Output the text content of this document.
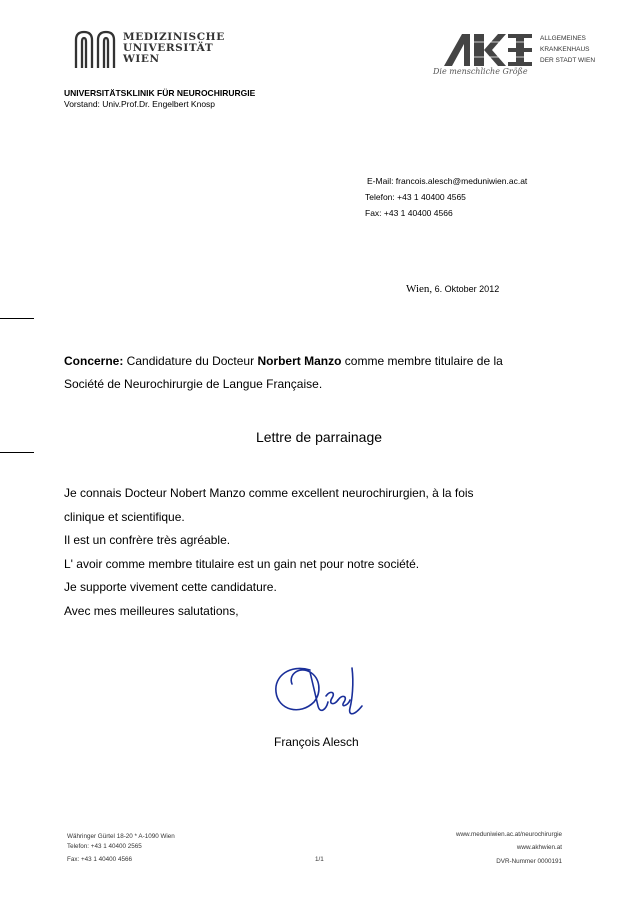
MEDIZINISCHE
UNIVERSITÄT
WIEN
ALLGEMEINES
KRANKENHAUS
DER STADT WIEN
Die menschliche Größe
UNIVERSITÄTSKLINIK FÜR NEUROCHIRURGIE
Vorstand: Univ.Prof.Dr. Engelbert Knosp
E-Mail: francois.alesch@meduniwien.ac.at
Telefon: +43 1 40400 4565
Fax: +43 1 40400 4566
Wien, 6. Oktober 2012
Concerne: Candidature du Docteur Norbert Manzo comme membre titulaire de la
Société de Neurochirurgie de Langue Française.
Lettre de parrainage

Je connais Docteur Nobert Manzo comme excellent neurochirurgien, à la fois

clinique et scientifique.

Il est un confrère très agréable.

L' avoir comme membre titulaire est un gain net pour notre société.

Je supporte vivement cette candidature.

Avec mes meilleures salutations,

François Alesch
Währinger Gürtel 18-20 * A-1090 Wien
Telefon: +43 1 40400 2565
Fax: +43 1 40400 4566	1/1
www.meduniwien.ac.at/neurochirurgie
www.akhwien.at
DVR-Nummer 0000191
